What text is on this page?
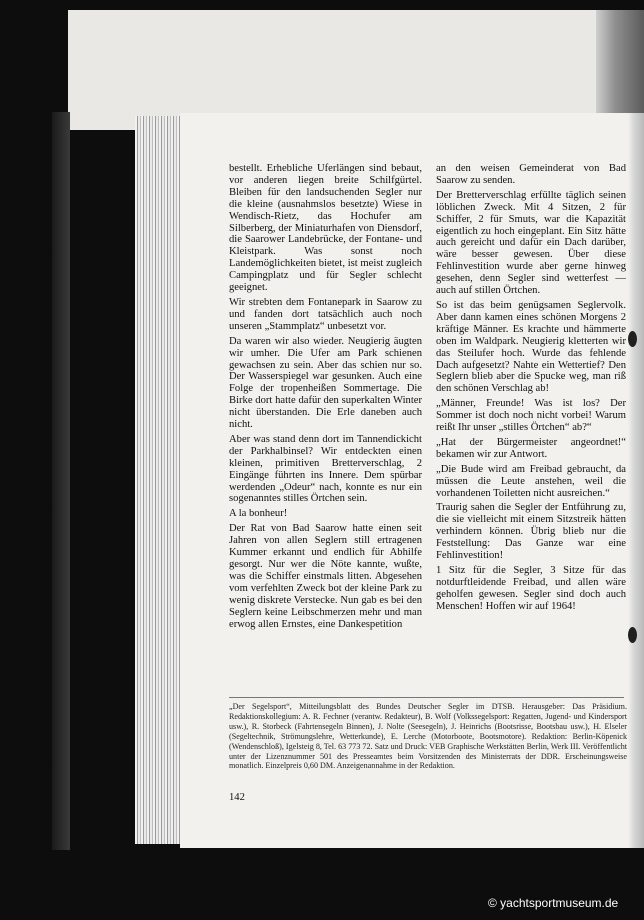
bestellt. Erhebliche Uferlängen sind bebaut, vor anderen liegen breite Schilfgürtel. Bleiben für den landsuchenden Segler nur die kleine (ausnahmslos besetzte) Wiese in Wendisch-Rietz, das Hochufer am Silberberg, der Miniaturhafen von Diensdorf, die Saarower Landebrücke, der Fontane- und Kleistpark. Was sonst noch Landemöglichkeiten bietet, ist meist zugleich Campingplatz und für Segler schlecht geeignet.

Wir strebten dem Fontanepark in Saarow zu und fanden dort tatsächlich auch noch unseren „Stammplatz“ unbesetzt vor.

Da waren wir also wieder. Neugierig äugten wir umher. Die Ufer am Park schienen gewachsen zu sein. Aber das schien nur so. Der Wasserspiegel war gesunken. Auch eine Folge der tropenheißen Sommertage. Die Birke dort hatte dafür den superkalten Winter nicht überstanden. Die Erle daneben auch nicht.

Aber was stand denn dort im Tannendickicht der Parkhalbinsel? Wir entdeckten einen kleinen, primitiven Bretterverschlag, 2 Eingänge führten ins Innere. Dem spürbar werdenden „Odeur“ nach, konnte es nur ein sogenanntes stilles Örtchen sein.

A la bonheur!

Der Rat von Bad Saarow hatte einen seit Jahren von allen Seglern still ertragenen Kummer erkannt und endlich für Abhilfe gesorgt. Nur wer die Nöte kannte, wußte, was die Schiffer einstmals litten. Abgesehen vom verfehlten Zweck bot der kleine Park zu wenig diskrete Verstecke. Nun gab es bei den Seglern keine Leibschmerzen mehr und man erwog allen Ernstes, eine Dankespetition

an den weisen Gemeinderat von Bad Saarow zu senden.

Der Bretterverschlag erfüllte täglich seinen löblichen Zweck. Mit 4 Sitzen, 2 für Schiffer, 2 für Smuts, war die Kapazität eigentlich zu hoch eingeplant. Ein Sitz hätte auch gereicht und dafür ein Dach darüber, wäre besser gewesen. Über diese Fehlinvestition wurde aber gerne hinweg gesehen, denn Segler sind wetterfest — auch auf stillen Örtchen.

So ist das beim genügsamen Seglervolk. Aber dann kamen eines schönen Morgens 2 kräftige Männer. Es krachte und hämmerte oben im Waldpark. Neugierig kletterten wir das Steilufer hoch. Wurde das fehlende Dach aufgesetzt? Nahte ein Wettertief? Den Seglern blieb aber die Spucke weg, man riß den schönen Verschlag ab!

„Männer, Freunde! Was ist los? Der Sommer ist doch noch nicht vorbei! Warum reißt Ihr unser „stilles Örtchen“ ab?“

„Hat der Bürgermeister angeordnet!“ bekamen wir zur Antwort.

„Die Bude wird am Freibad gebraucht, da müssen die Leute anstehen, weil die vorhandenen Toiletten nicht ausreichen.“

Traurig sahen die Segler der Entführung zu, die sie vielleicht mit einem Sitzstreik hätten verhindern können. Übrig blieb nur die Feststellung: Das Ganze war eine Fehlinvestition!

1 Sitz für die Segler, 3 Sitze für das notdurftleidende Freibad, und allen wäre geholfen gewesen. Segler sind doch auch Menschen! Hoffen wir auf 1964!

„Der Segelsport“, Mitteilungsblatt des Bundes Deutscher Segler im DTSB. Herausgeber: Das Präsidium. Redaktionskollegium: A. R. Fechner (verantw. Redakteur), B. Wolf (Volkssegelsport: Regatten, Jugend- und Kindersport usw.), R. Storbeck (Fahrtensegeln Binnen), J. Nolte (Seesegeln), J. Heinrichs (Bootsrisse, Bootsbau usw.), H. Elseler (Segeltechnik, Strömungslehre, Wetterkunde), E. Lerche (Motorboote, Bootsmotore). Redaktion: Berlin-Köpenick (Wendenschloß), Igelsteig 8, Tel. 63 773 72. Satz und Druck: VEB Graphische Werkstätten Berlin, Werk III. Veröffentlicht unter der Lizenznummer 501 des Presseamtes beim Vorsitzenden des Ministerrats der DDR. Erscheinungsweise monatlich. Einzelpreis 0,60 DM. Anzeigenannahme in der Redaktion.

142
© yachtsportmuseum.de
